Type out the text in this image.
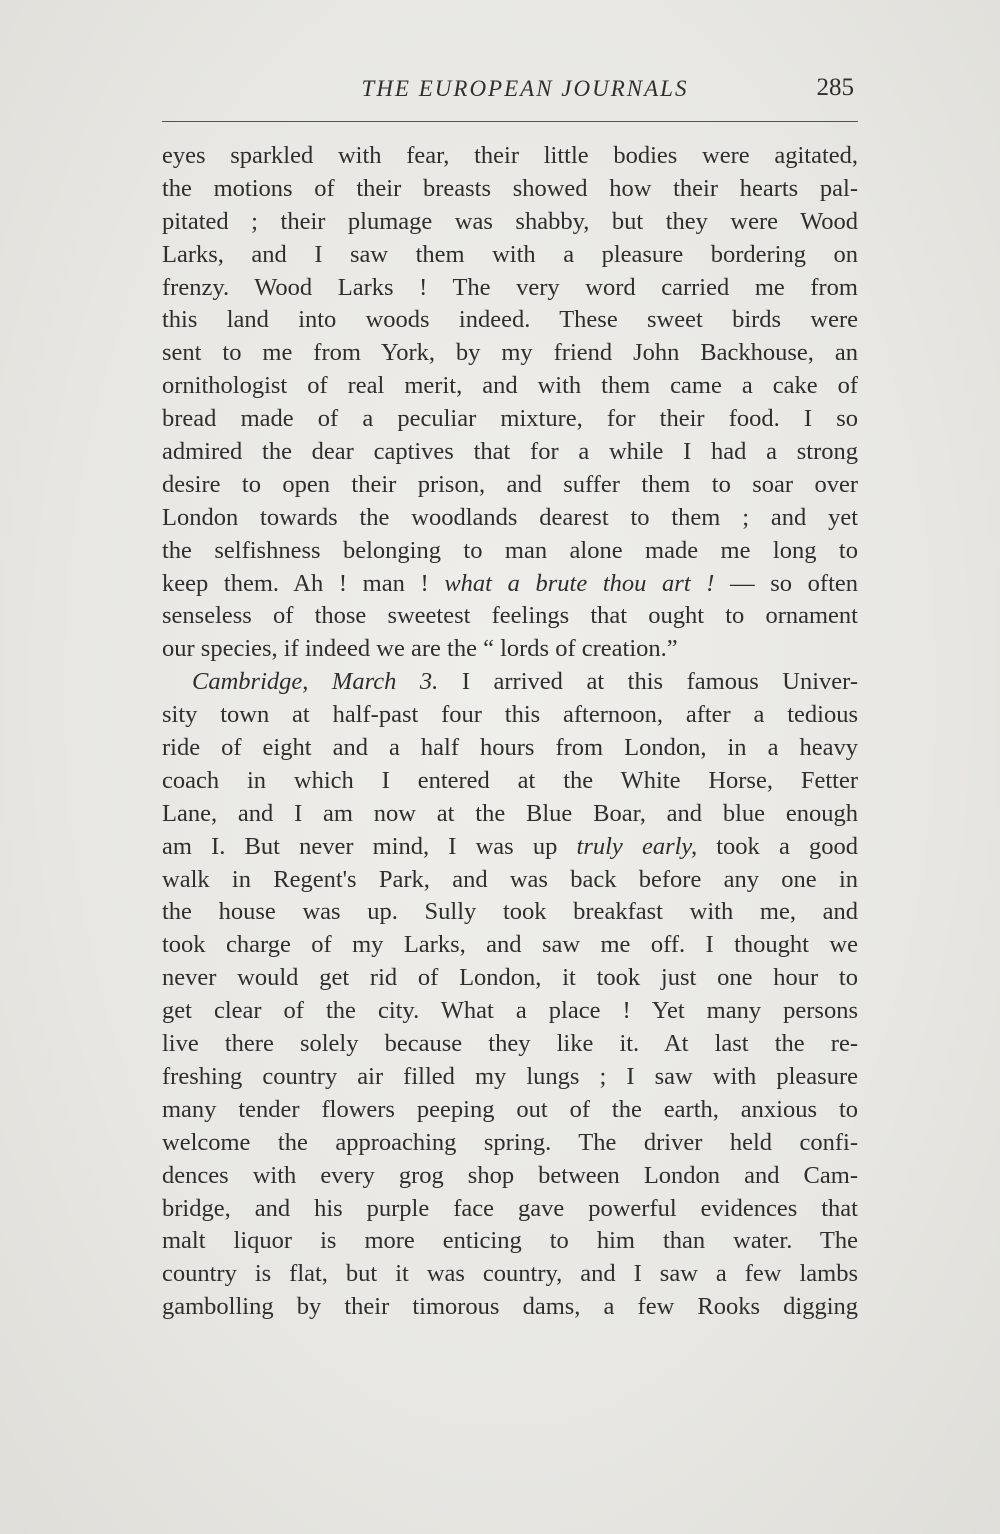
THE EUROPEAN JOURNALS	285
eyes sparkled with fear, their little bodies were agitated,
the motions of their breasts showed how their hearts pal-
pitated ; their plumage was shabby, but they were Wood
Larks, and I saw them with a pleasure bordering on
frenzy. Wood Larks ! The very word carried me from
this land into woods indeed. These sweet birds were
sent to me from York, by my friend John Backhouse, an
ornithologist of real merit, and with them came a cake of
bread made of a peculiar mixture, for their food. I so
admired the dear captives that for a while I had a strong
desire to open their prison, and suffer them to soar over
London towards the woodlands dearest to them ; and yet
the selfishness belonging to man alone made me long to
keep them. Ah ! man ! what a brute thou art ! — so often
senseless of those sweetest feelings that ought to ornament
our species, if indeed we are the “ lords of creation.”
Cambridge, March 3. I arrived at this famous Univer-
sity town at half-past four this afternoon, after a tedious
ride of eight and a half hours from London, in a heavy
coach in which I entered at the White Horse, Fetter
Lane, and I am now at the Blue Boar, and blue enough
am I. But never mind, I was up truly early, took a good
walk in Regent's Park, and was back before any one in
the house was up. Sully took breakfast with me, and
took charge of my Larks, and saw me off. I thought we
never would get rid of London, it took just one hour to
get clear of the city. What a place ! Yet many persons
live there solely because they like it. At last the re-
freshing country air filled my lungs ; I saw with pleasure
many tender flowers peeping out of the earth, anxious to
welcome the approaching spring. The driver held confi-
dences with every grog shop between London and Cam-
bridge, and his purple face gave powerful evidences that
malt liquor is more enticing to him than water. The
country is flat, but it was country, and I saw a few lambs
gambolling by their timorous dams, a few Rooks digging
